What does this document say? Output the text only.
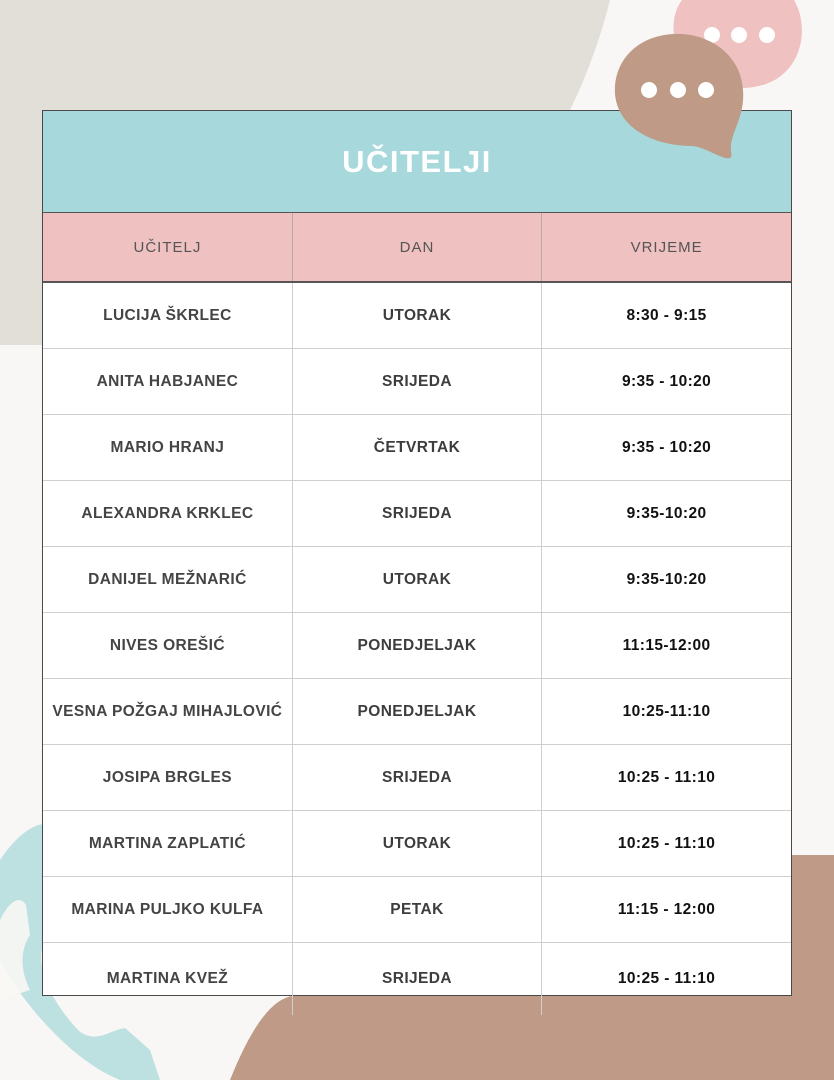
UČITELJI
UČITELJ	DAN	VRIJEME
LUCIJA ŠKRLEC	UTORAK	8:30 - 9:15
ANITA HABJANEC	SRIJEDA	9:35 - 10:20
MARIO HRANJ	ČETVRTAK	9:35 - 10:20
ALEXANDRA KRKLEC	SRIJEDA	9:35-10:20
DANIJEL MEŽNARIĆ	UTORAK	9:35-10:20
NIVES OREŠIĆ	PONEDJELJAK	11:15-12:00
VESNA POŽGAJ MIHAJLOVIĆ	PONEDJELJAK	10:25-11:10
JOSIPA BRGLES	SRIJEDA	10:25 - 11:10
MARTINA ZAPLATIĆ	UTORAK	10:25 - 11:10
MARINA PULJKO KULFA	PETAK	11:15 - 12:00
MARTINA KVEŽ	SRIJEDA	10:25 - 11:10
